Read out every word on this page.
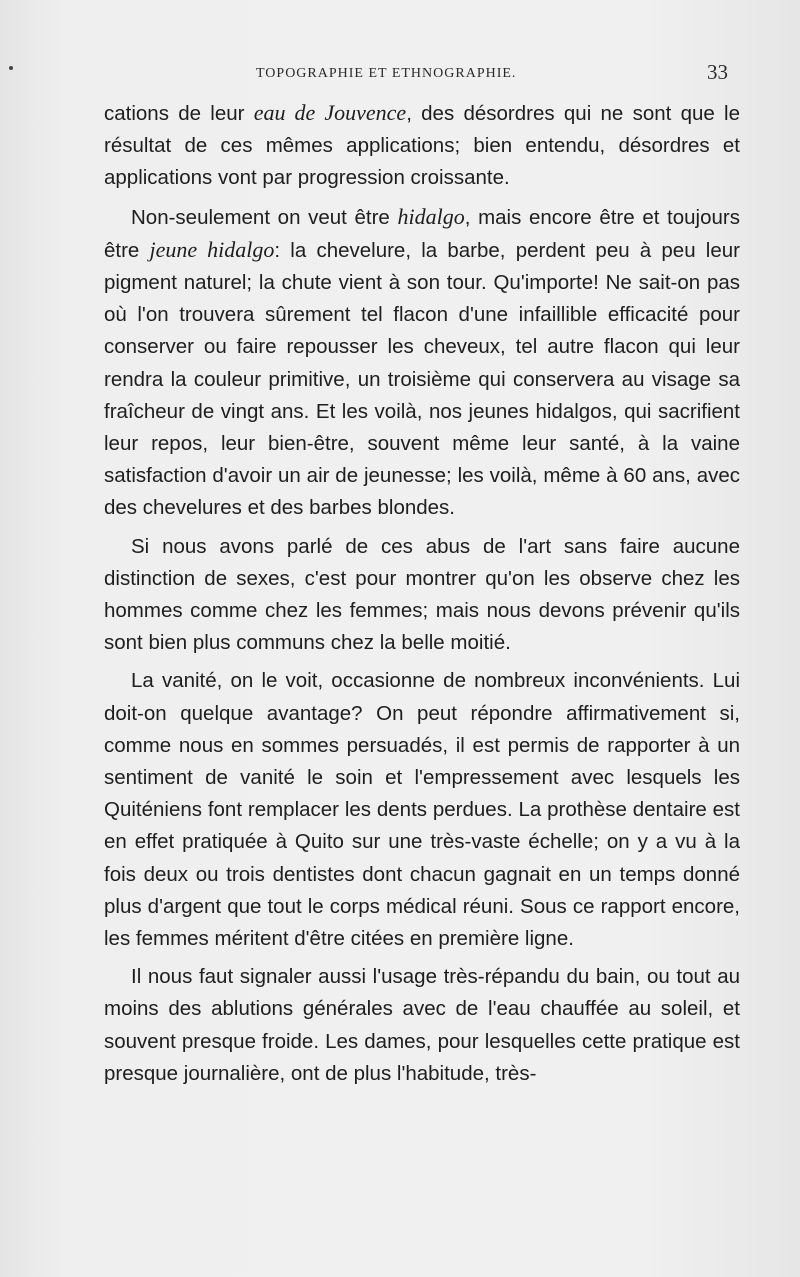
TOPOGRAPHIE ET ETHNOGRAPHIE.	33

cations de leur eau de Jouvence, des désordres qui ne sont que le résultat de ces mêmes applications; bien entendu, désordres et applications vont par progression croissante.

Non-seulement on veut être hidalgo, mais encore être et toujours être jeune hidalgo: la chevelure, la barbe, perdent peu à peu leur pigment naturel; la chute vient à son tour. Qu'importe! Ne sait-on pas où l'on trouvera sûrement tel flacon d'une infaillible efficacité pour conserver ou faire repousser les cheveux, tel autre flacon qui leur rendra la couleur primitive, un troisième qui conservera au visage sa fraîcheur de vingt ans. Et les voilà, nos jeunes hidalgos, qui sacrifient leur repos, leur bien-être, souvent même leur santé, à la vaine satisfaction d'avoir un air de jeunesse; les voilà, même à 60 ans, avec des chevelures et des barbes blondes.

Si nous avons parlé de ces abus de l'art sans faire aucune distinction de sexes, c'est pour montrer qu'on les observe chez les hommes comme chez les femmes; mais nous devons prévenir qu'ils sont bien plus communs chez la belle moitié.

La vanité, on le voit, occasionne de nombreux inconvénients. Lui doit-on quelque avantage? On peut répondre affirmativement si, comme nous en sommes persuadés, il est permis de rapporter à un sentiment de vanité le soin et l'empressement avec lesquels les Quiténiens font remplacer les dents perdues. La prothèse dentaire est en effet pratiquée à Quito sur une très-vaste échelle; on y a vu à la fois deux ou trois dentistes dont chacun gagnait en un temps donné plus d'argent que tout le corps médical réuni. Sous ce rapport encore, les femmes méritent d'être citées en première ligne.

Il nous faut signaler aussi l'usage très-répandu du bain, ou tout au moins des ablutions générales avec de l'eau chauffée au soleil, et souvent presque froide. Les dames, pour lesquelles cette pratique est presque journalière, ont de plus l'habitude, très-
